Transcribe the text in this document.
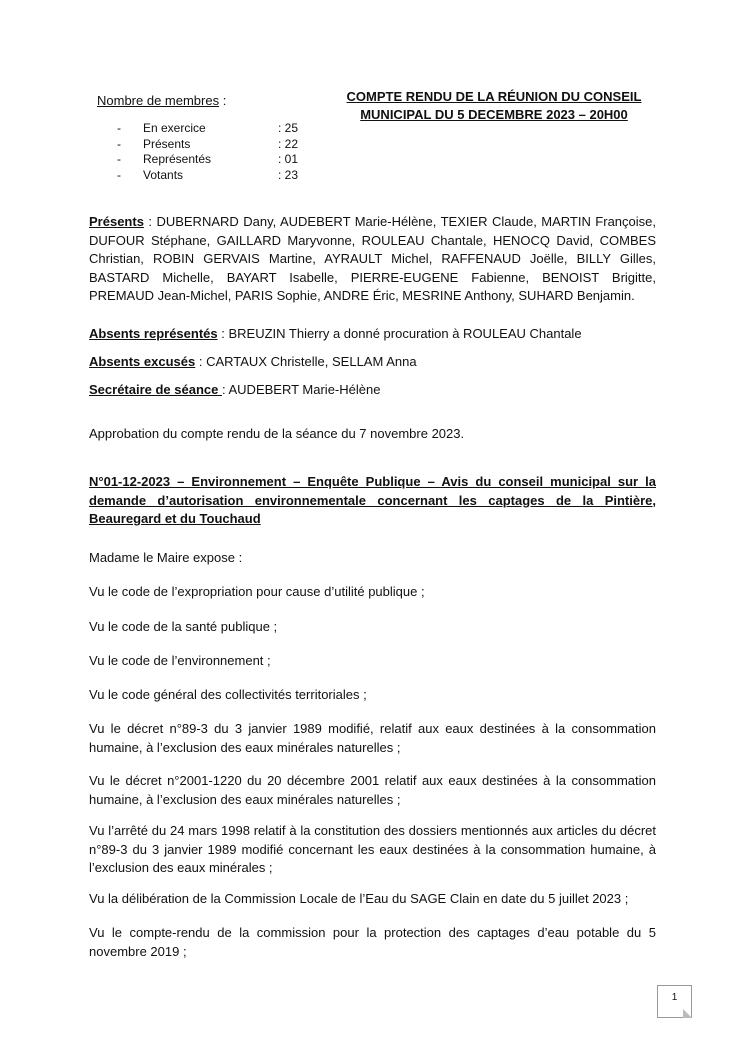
Nombre de membres :
-	En exercice	: 25
-	Présents	: 22
-	Représentés	: 01
-	Votants	: 23
COMPTE RENDU DE LA RÉUNION DU CONSEIL
MUNICIPAL DU 5 DECEMBRE 2023 – 20H00
Présents : DUBERNARD Dany, AUDEBERT Marie-Hélène, TEXIER Claude, MARTIN Françoise, DUFOUR Stéphane, GAILLARD Maryvonne, ROULEAU Chantale, HENOCQ David, COMBES Christian, ROBIN GERVAIS Martine, AYRAULT Michel, RAFFENAUD Joëlle, BILLY Gilles, BASTARD Michelle, BAYART Isabelle, PIERRE-EUGENE Fabienne, BENOIST Brigitte, PREMAUD Jean-Michel, PARIS Sophie, ANDRE Éric, MESRINE Anthony, SUHARD Benjamin.
Absents représentés : BREUZIN Thierry a donné procuration à ROULEAU Chantale
Absents excusés : CARTAUX Christelle, SELLAM Anna
Secrétaire de séance : AUDEBERT Marie-Hélène
Approbation du compte rendu de la séance du 7 novembre 2023.
N°01-12-2023 – Environnement – Enquête Publique – Avis du conseil municipal sur la demande d’autorisation environnementale concernant les captages de la Pintière, Beauregard et du Touchaud
Madame le Maire expose :
Vu le code de l’expropriation pour cause d’utilité publique ;
Vu le code de la santé publique ;
Vu le code de l’environnement ;
Vu le code général des collectivités territoriales ;
Vu le décret n°89-3 du 3 janvier 1989 modifié, relatif aux eaux destinées à la consommation humaine, à l’exclusion des eaux minérales naturelles ;
Vu le décret n°2001-1220 du 20 décembre 2001 relatif aux eaux destinées à la consommation humaine, à l’exclusion des eaux minérales naturelles ;
Vu l’arrêté du 24 mars 1998 relatif à la constitution des dossiers mentionnés aux articles du décret n°89-3 du 3 janvier 1989 modifié concernant les eaux destinées à la consommation humaine, à l’exclusion des eaux minérales ;
Vu la délibération de la Commission Locale de l’Eau du SAGE Clain en date du 5 juillet 2023 ;
Vu le compte-rendu de la commission pour la protection des captages d’eau potable du 5 novembre 2019 ;
1
